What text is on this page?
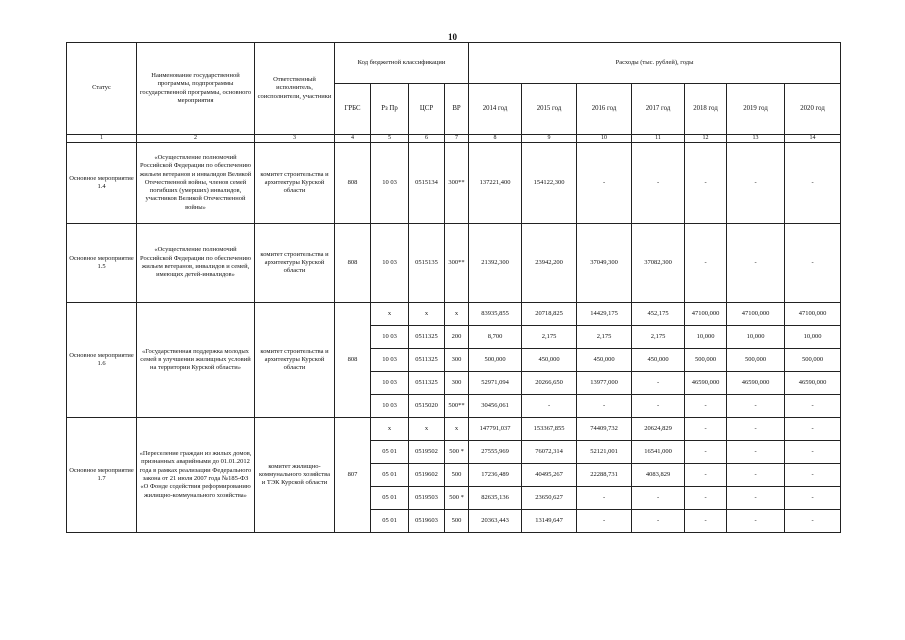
10
Статус	Наименование государственной программы, подпрограммы государственной программы, основного мероприятия	Ответственный исполнитель, соисполнители, участники	Код бюджетной классификации				Расходы (тыс. рублей), годы						
			ГРБС	Рз Пр	ЦСР	ВР	2014 год	2015 год	2016 год	2017 год	2018 год	2019 год	2020 год
1	2	3	4	5	6	7	8	9	10	11	12	13	14
Основное мероприятие 1.4	«Осуществление полномочий Российской Федерации по обеспечению жильем ветеранов и инвалидов Великой Отечественной войны, членов семей погибших (умерших) инвалидов, участников Великой Отечественной войны»	комитет строительства и архитектуры Курской области	808	10 03	0515134	300**	137221,400	154122,300	-	-	-	-	-
Основное мероприятие 1.5	«Осуществление полномочий Российской Федерации по обеспечению жильем ветеранов, инвалидов и семей, имеющих детей-инвалидов»	комитет строительства и архитектуры Курской области	808	10 03	0515135	300**	21392,300	23942,200	37049,300	37082,300	-	-	-
Основное мероприятие 1.6	«Государственная поддержка молодых семей в улучшении жилищных условий на территории Курской области»	комитет строительства и архитектуры Курской области	808	х	х	х	83935,855	20718,825	14429,175	452,175	47100,000	47100,000	47100,000
				10 03	0511325	200	8,700	2,175	2,175	2,175	10,000	10,000	10,000
				10 03	0511325	300	500,000	450,000	450,000	450,000	500,000	500,000	500,000
				10 03	0511325	300	52971,094	20266,650	13977,000	-	46590,000	46590,000	46590,000
				10 03	0515020	500**	30456,061	-	-	-	-	-	-
Основное мероприятие 1.7	«Переселение граждан из жилых домов, признанных аварийными до 01.01.2012 года в рамках реализации Федерального закона от 21 июля 2007 года №185-ФЗ «О Фонде содействия реформированию жилищно-коммунального хозяйства»	комитет жилищно-коммунального хозяйства и ТЭК Курской области	807	х	х	х	147791,037	153367,855	74409,732	20624,829	-	-	-
				05 01	0519502	500 *	27555,969	76072,314	52121,001	16541,000	-	-	-
				05 01	0519602	500	17236,489	40495,267	22288,731	4083,829	-	-	-
				05 01	0519503	500 *	82635,136	23650,627	-	-	-	-	-
				05 01	0519603	500	20363,443	13149,647	-	-	-	-	-
